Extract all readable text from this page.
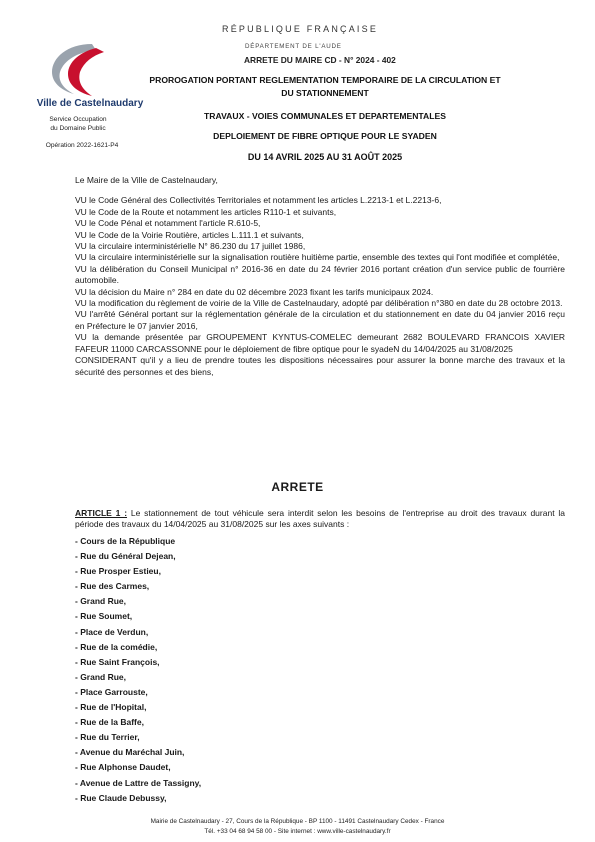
Ville de Castelnaudary
Service Occupation
du Domaine Public
Opération 2022-1621-P4
RÉPUBLIQUE FRANÇAISE
DÉPARTEMENT DE L'AUDE
ARRETE DU MAIRE CD - N° 2024 - 402
PROROGATION PORTANT REGLEMENTATION TEMPORAIRE DE LA CIRCULATION ET
DU STATIONNEMENT
TRAVAUX - VOIES COMMUNALES ET DEPARTEMENTALES
DEPLOIEMENT DE FIBRE OPTIQUE POUR LE SYADEN
DU 14 AVRIL 2025 AU 31 AOÛT 2025

Le Maire de la Ville de Castelnaudary,

VU le Code Général des Collectivités Territoriales et notamment les articles L.2213-1 et L.2213-6,

VU le Code de la Route et notamment les articles R110-1 et suivants,

VU le Code Pénal et notamment l'article R.610-5,

VU le Code de la Voirie Routière, articles L.111.1 et suivants,

VU la circulaire interministérielle N° 86.230 du 17 juillet 1986,

VU la circulaire interministérielle sur la signalisation routière huitième partie, ensemble des textes qui l'ont modifiée et complétée,

VU la délibération du Conseil Municipal n° 2016-36 en date du 24 février 2016 portant création d'un service public de fourrière automobile.

VU la décision du Maire n° 284 en date du 02 décembre 2023 fixant les tarifs municipaux 2024.

VU la modification du règlement de voirie de la Ville de Castelnaudary, adopté par délibération n°380 en date du 28 octobre 2013.

VU l'arrêté Général portant sur la réglementation générale de la circulation et du stationnement en date du 04 janvier 2016 reçu en Préfecture le 07 janvier 2016,

VU la demande présentée par GROUPEMENT KYNTUS-COMELEC demeurant 2682 BOULEVARD FRANCOIS XAVIER FAFEUR 11000 CARCASSONNE pour le déploiement de fibre optique pour le syadeN du 14/04/2025 au 31/08/2025

CONSIDERANT qu'il y a lieu de prendre toutes les dispositions nécessaires pour assurer la bonne marche des travaux et la sécurité des personnes et des biens,

ARRETE
ARTICLE 1 : Le stationnement de tout véhicule sera interdit selon les besoins de l'entreprise au droit des travaux durant la période des travaux du 14/04/2025 au 31/08/2025 sur les axes suivants :
- Cours de la République
- Rue du Général Dejean,
- Rue Prosper Estieu,
- Rue des Carmes,
- Grand Rue,
- Rue Soumet,
- Place de Verdun,
- Rue de la comédie,
- Rue Saint François,
- Grand Rue,
- Place Garrouste,
- Rue de l'Hopital,
- Rue de la Baffe,
- Rue du Terrier,
- Avenue du Maréchal Juin,
- Rue Alphonse Daudet,
- Avenue de Lattre de Tassigny,
- Rue Claude Debussy,
Mairie de Castelnaudary - 27, Cours de la République - BP 1100 - 11491 Castelnaudary Cedex - France
Tél. +33 04 68 94 58 00 - Site internet : www.ville-castelnaudary.fr
